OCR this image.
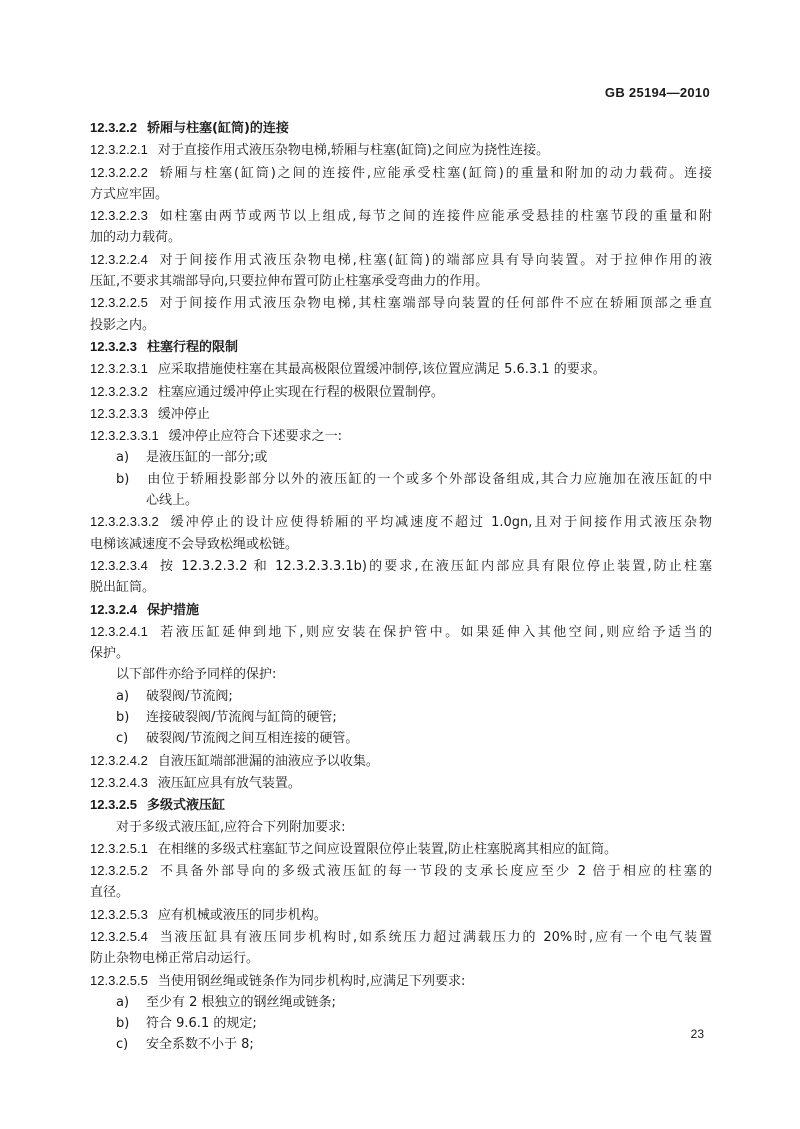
GB 25194—2010

12.3.2.2 轿厢与柱塞(缸筒)的连接

12.3.2.2.1 对于直接作用式液压杂物电梯,轿厢与柱塞(缸筒)之间应为挠性连接。

12.3.2.2.2 轿厢与柱塞(缸筒)之间的连接件,应能承受柱塞(缸筒)的重量和附加的动力载荷。连接

方式应牢固。

12.3.2.2.3 如柱塞由两节或两节以上组成,每节之间的连接件应能承受悬挂的柱塞节段的重量和附

加的动力载荷。

12.3.2.2.4 对于间接作用式液压杂物电梯,柱塞(缸筒)的端部应具有导向装置。对于拉伸作用的液

压缸,不要求其端部导向,只要拉伸布置可防止柱塞承受弯曲力的作用。

12.3.2.2.5 对于间接作用式液压杂物电梯,其柱塞端部导向装置的任何部件不应在轿厢顶部之垂直

投影之内。

12.3.2.3 柱塞行程的限制

12.3.2.3.1 应采取措施使柱塞在其最高极限位置缓冲制停,该位置应满足 5.6.3.1 的要求。

12.3.2.3.2 柱塞应通过缓冲停止实现在行程的极限位置制停。

12.3.2.3.3 缓冲停止

12.3.2.3.3.1 缓冲停止应符合下述要求之一:

a) 是液压缸的一部分;或

b) 由位于轿厢投影部分以外的液压缸的一个或多个外部设备组成,其合力应施加在液压缸的中

心线上。

12.3.2.3.3.2 缓冲停止的设计应使得轿厢的平均减速度不超过 1.0gn,且对于间接作用式液压杂物

电梯该减速度不会导致松绳或松链。

12.3.2.3.4 按 12.3.2.3.2 和 12.3.2.3.3.1b)的要求,在液压缸内部应具有限位停止装置,防止柱塞

脱出缸筒。

12.3.2.4 保护措施

12.3.2.4.1 若液压缸延伸到地下,则应安装在保护管中。如果延伸入其他空间,则应给予适当的

保护。

以下部件亦给予同样的保护:

a) 破裂阀/节流阀;

b) 连接破裂阀/节流阀与缸筒的硬管;

c) 破裂阀/节流阀之间互相连接的硬管。

12.3.2.4.2 自液压缸端部泄漏的油液应予以收集。

12.3.2.4.3 液压缸应具有放气装置。

12.3.2.5 多级式液压缸

对于多级式液压缸,应符合下列附加要求:

12.3.2.5.1 在相继的多级式柱塞缸节之间应设置限位停止装置,防止柱塞脱离其相应的缸筒。

12.3.2.5.2 不具备外部导向的多级式液压缸的每一节段的支承长度应至少 2 倍于相应的柱塞的

直径。

12.3.2.5.3 应有机械或液压的同步机构。

12.3.2.5.4 当液压缸具有液压同步机构时,如系统压力超过满载压力的 20%时,应有一个电气装置

防止杂物电梯正常启动运行。

12.3.2.5.5 当使用钢丝绳或链条作为同步机构时,应满足下列要求:

a) 至少有 2 根独立的钢丝绳或链条;

b) 符合 9.6.1 的规定;

c) 安全系数不小于 8;

23
